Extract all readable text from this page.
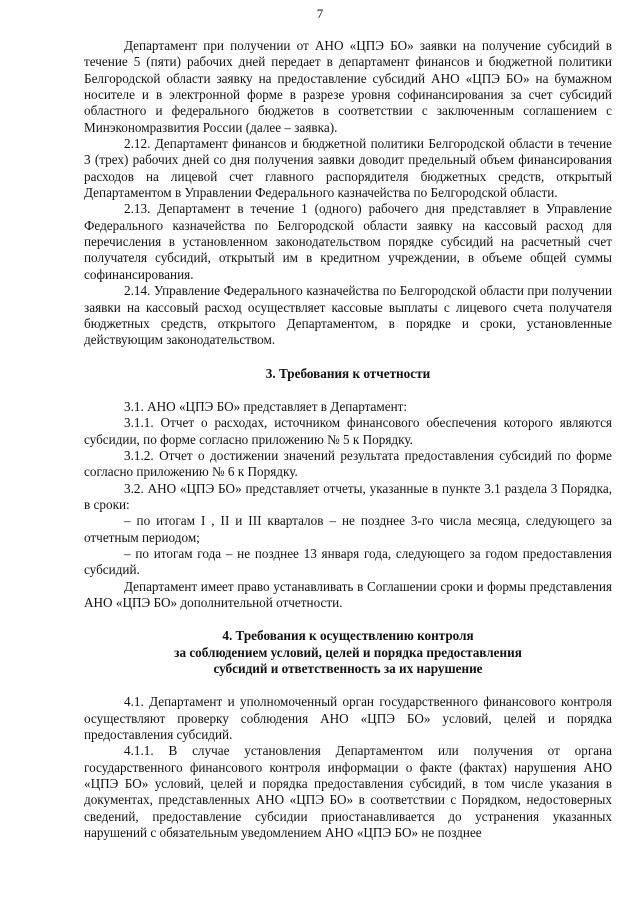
7

Департамент при получении от АНО «ЦПЭ БО» заявки на получение субсидий в течение 5 (пяти) рабочих дней передает в департамент финансов и бюджетной политики Белгородской области заявку на предоставление субсидий АНО «ЦПЭ БО» на бумажном носителе и в электронной форме в разрезе уровня софинансирования за счет субсидий областного и федерального бюджетов в соответствии с заключенным соглашением с Минэкономразвития России (далее – заявка).

2.12. Департамент финансов и бюджетной политики Белгородской области в течение 3 (трех) рабочих дней со дня получения заявки доводит предельный объем финансирования расходов на лицевой счет главного распорядителя бюджетных средств, открытый Департаментом в Управлении Федерального казначейства по Белгородской области.

2.13. Департамент в течение 1 (одного) рабочего дня представляет в Управление Федерального казначейства по Белгородской области заявку на кассовый расход для перечисления в установленном законодательством порядке субсидий на расчетный счет получателя субсидий, открытый им в кредитном учреждении, в объеме общей суммы софинансирования.

2.14. Управление Федерального казначейства по Белгородской области при получении заявки на кассовый расход осуществляет кассовые выплаты с лицевого счета получателя бюджетных средств, открытого Департаментом, в порядке и сроки, установленные действующим законодательством.

3. Требования к отчетности

3.1. АНО «ЦПЭ БО» представляет в Департамент:

3.1.1. Отчет о расходах, источником финансового обеспечения которого являются субсидии, по форме согласно приложению № 5 к Порядку.

3.1.2. Отчет о достижении значений результата предоставления субсидий по форме согласно приложению № 6 к Порядку.

3.2. АНО «ЦПЭ БО» представляет отчеты, указанные в пункте 3.1 раздела 3 Порядка, в сроки:

– по итогам I , II и III кварталов – не позднее 3-го числа месяца, следующего за отчетным периодом;

– по итогам года – не позднее 13 января года, следующего за годом предоставления субсидий.

Департамент имеет право устанавливать в Соглашении сроки и формы представления АНО «ЦПЭ БО» дополнительной отчетности.

4. Требования к осуществлению контроля
за соблюдением условий, целей и порядка предоставления
субсидий и ответственность за их нарушение

4.1. Департамент и уполномоченный орган государственного финансового контроля осуществляют проверку соблюдения АНО «ЦПЭ БО» условий, целей и порядка предоставления субсидий.

4.1.1. В случае установления Департаментом или получения от органа государственного финансового контроля информации о факте (фактах) нарушения АНО «ЦПЭ БО» условий, целей и порядка предоставления субсидий, в том числе указания в документах, представленных АНО «ЦПЭ БО» в соответствии с Порядком, недостоверных сведений, предоставление субсидии приостанавливается до устранения указанных нарушений с обязательным уведомлением АНО «ЦПЭ БО» не позднее
